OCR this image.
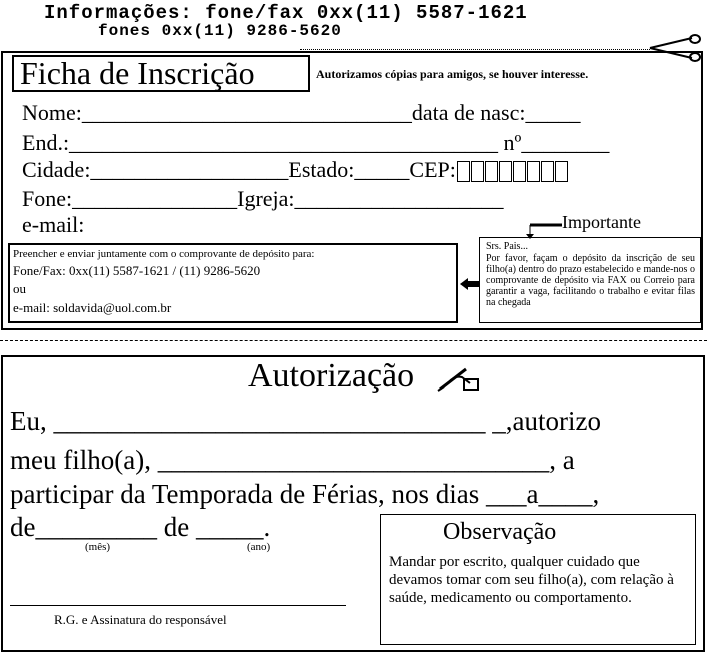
Informações: fone/fax 0xx(11) 5587-1621
fones 0xx(11) 9286-5620
Ficha de Inscrição	Autorizamos cópias para amigos, se houver interesse.
Nome:______________________________data de nasc:_____
End.:_______________________________________ nº________
Cidade:__________________Estado:_____CEP:
Fone:_______________Igreja:___________________
e-mail:	Importante
Preencher e enviar juntamente com o comprovante de depósito para:
Fone/Fax: 0xx(11) 5587-1621 / (11) 9286-5620
ou
e-mail: soldavida@uol.com.br
Srs. Pais...
Por favor, façam o depósito da inscrição de seu filho(a) dentro do prazo estabelecido e mande-nos o comprovante de depósito via FAX ou Correio para garantir a vaga, facilitando o trabalho e evitar filas na chegada
Autorização
Eu, ________________________________ _,autorizo
meu filho(a), _____________________________, a
participar da Temporada de Férias, nos dias ___a____,
de_________ de _____.
(mês)	(ano)
R.G. e Assinatura do responsável
Observação
Mandar por escrito, qualquer cuidado que devamos tomar com seu filho(a), com relação à saúde, medicamento ou comportamento.
